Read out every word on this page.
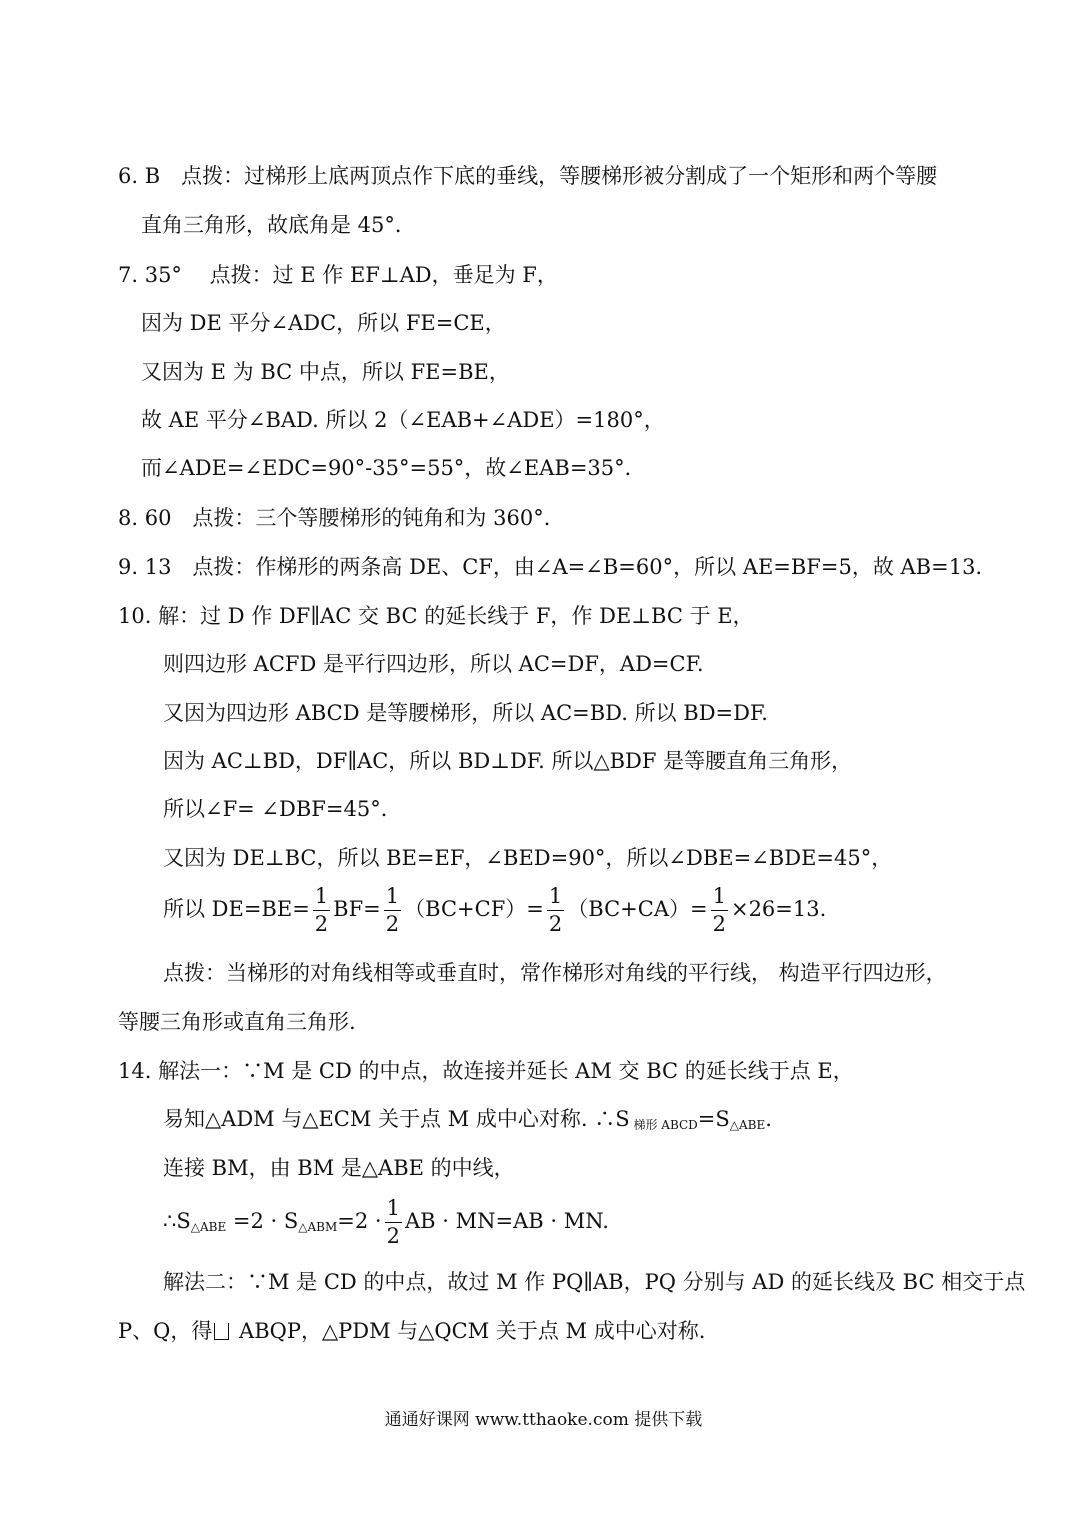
6. B　点拨：过梯形上底两顶点作下底的垂线，等腰梯形被分割成了一个矩形和两个等腰
直角三角形，故底角是 45°．
7. 35°　 点拨：过 E 作 EF⊥AD，垂足为 F，
因为 DE 平分∠ADC，所以 FE=CE，
又因为 E 为 BC 中点，所以 FE=BE，
故 AE 平分∠BAD. 所以 2（∠EAB+∠ADE）=180°，
而∠ADE=∠EDC=90°-35°=55°，故∠EAB=35°．
8. 60　点拨：三个等腰梯形的钝角和为 360°．
9. 13　点拨：作梯形的两条高 DE、CF，由∠A=∠B=60°，所以 AE=BF=5，故 AB=13.
10. 解：过 D 作 DF∥AC 交 BC 的延长线于 F，作 DE⊥BC 于 E，
则四边形 ACFD 是平行四边形，所以 AC=DF，AD=CF.
又因为四边形 ABCD 是等腰梯形，所以 AC=BD. 所以 BD=DF.
因为 AC⊥BD，DF∥AC，所以 BD⊥DF. 所以△BDF 是等腰直角三角形，
所以∠F= ∠DBF=45°．
又因为 DE⊥BC，所以 BE=EF，∠BED=90°，所以∠DBE=∠BDE=45°，
所以 $DE=BE= \frac{1}{2} BF= \frac{1}{2} (BC+CF)= \frac{1}{2} (BC+CA)= \frac{1}{2} \times 26=13$.
点拨：当梯形的对角线相等或垂直时，常作梯形对角线的平行线， 构造平行四边形，
等腰三角形或直角三角形.
14. 解法一：∵M 是 CD 的中点，故连接并延长 AM 交 BC 的延长线于点 E，
易知△ADM 与△ECM 关于点 M 成中心对称. ∴S $_{梯形 ABCD}=S_{\triangle ABE}$.
连接 BM，由 BM 是△ABE 的中线，
$\therefore S_{\triangle ABE} =2 \cdot S_{\triangle ABM}=2 \cdot \frac{1}{2}$ AB · MN=AB · MN.
解法二：∵M 是 CD 的中点，故过 M 作 PQ∥AB，PQ 分别与 AD 的延长线及 BC 相交于点
P、Q，得 ABQP，△PDM 与△QCM 关于点 M 成中心对称.
通通好课网 www.tthaoke.com 提供下载
